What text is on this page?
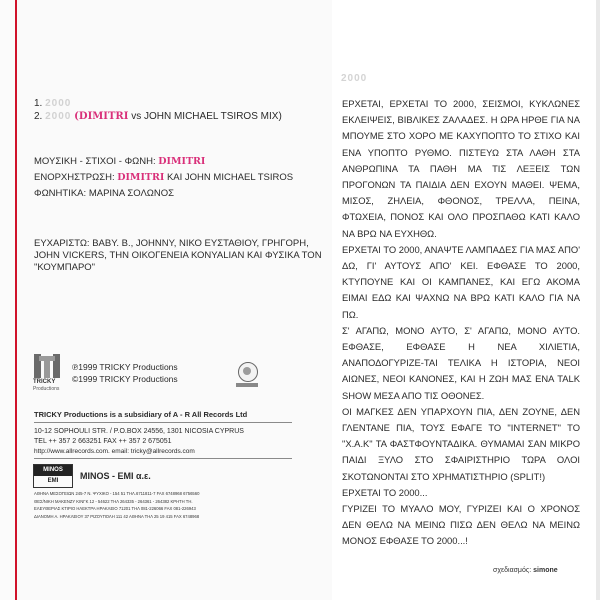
1. 2000
2. 2000 (DIMITRI vs JOHN MICHAEL TSIROS MIX)
ΜΟΥΣΙΚΗ - ΣΤΙΧΟΙ - ΦΩΝΗ: DIMITRI
ΕΝΟΡΧΗΣΤΡΩΣΗ: DIMITRI ΚΑΙ JOHN MICHAEL TSIROS
ΦΩΝΗΤΙΚΑ: ΜΑΡΙΝΑ ΣΟΛΩΝΟΣ
ΕΥΧΑΡΙΣΤΩ: BABY. B., JOHNNY, ΝΙΚΟ ΕΥΣΤΑΘΙΟΥ, ΓΡΗΓΟΡΗ, JOHN VICKERS, ΤΗΝ ΟΙΚΟΓΕΝΕΙΑ ΚΟΝΥΑLIAN ΚΑΙ ΦΥΣΙΚΑ ΤΟΝ "ΚΟΥΜΠΑΡΟ"
TRICKY
Productions
℗1999 TRICKY Productions
©1999 TRICKY Productions
TRICKY Productions is a subsidiary of A - R All Records Ltd
10-12 SOPHOULI STR. / P.O.BOX 24556, 1301 NICOSIA CYPRUS
TEL ++ 357 2 663251 FAX ++ 357 2 675051
http://www.allrecords.com. email: tricky@allrecords.com
MINOS
EMI	MINOS - EMI α.ε.
ΑΘΗΝΑ ΜΕΣΟΓΕΙΩΝ 245-7 Ν. ΨΥΧΙΚΟ - 154 51 ΤΗΛ.6711811-7 FAX 6748968 6756560
ΘΕΣ/ΝΙΚΗ ΜΑΚΕΝΖΥ ΚΙΝΓΚ 12 - 54622 ΤΗΛ 264335 - 264361 - 264382 ΚΡΗΤΗ ΤΗ.
ΕΛΕΥΘΕΡΙΑΣ ΚΤΙΡΙΟ ΗΛΕΚΤΡΑ ΗΡΑΚΛΕΙΟ 71201 ΤΗΛ 081-226066 FAX 081-226943
ΔΙΑΝΟΜΗ Α. ΗΡΑΚΛΕΙΟΥ 37 ΡΙΖΟΥΠΟΛΗ 111 42 ΑΘΗΝΑ ΤΗΛ 25 19 415 FAX 6748968
2000

ΕΡΧΕΤΑΙ, ΕΡΧΕΤΑΙ ΤΟ 2000, ΣΕΙΣΜΟΙ, ΚΥΚΛΩΝΕΣ ΕΚΛΕΙΨΕΙΣ, ΒΙΒΛΙΚΕΣ ΖΑΛΑΔΕΣ. Η ΩΡΑ ΗΡΘΕ ΓΙΑ ΝΑ ΜΠΟΥΜΕ ΣΤΟ ΧΟΡΟ ΜΕ ΚΑΧΥΠΟΠΤΟ ΤΟ ΣΤΙΧΟ ΚΑΙ ΕΝΑ ΥΠΟΠΤΟ ΡΥΘΜΟ. ΠΙΣΤΕΥΩ ΣΤΑ ΛΑΘΗ ΣΤΑ ΑΝΘΡΩΠΙΝΑ ΤΑ ΠΑΘΗ ΜΑ ΤΙΣ ΛΕΞΕΙΣ ΤΩΝ ΠΡΟΓΟΝΩΝ ΤΑ ΠΑΙΔΙΑ ΔΕΝ ΕΧΟΥΝ ΜΑΘΕΙ. ΨΕΜΑ, ΜΙΣΟΣ, ΖΗΛΕΙΑ, ΦΘΟΝΟΣ, ΤΡΕΛΛΑ, ΠΕΙΝΑ, ΦΤΩΧΕΙΑ, ΠΟΝΟΣ ΚΑΙ ΟΛΟ ΠΡΟΣΠΑΘΩ ΚΑΤΙ ΚΑΛΟ ΝΑ ΒΡΩ ΝΑ ΕΥΧΗΘΩ.

ΕΡΧΕΤΑΙ ΤΟ 2000, ΑΝΑΨΤΕ ΛΑΜΠΑΔΕΣ ΓΙΑ ΜΑΣ ΑΠΟ' ΔΩ, ΓΙ' ΑΥΤΟΥΣ ΑΠΟ' ΚΕΙ. ΕΦΘΑΣΕ ΤΟ 2000, ΚΤΥΠΟΥΝΕ ΚΑΙ ΟΙ ΚΑΜΠΑΝΕΣ, ΚΑΙ ΕΓΩ ΑΚΟΜΑ ΕΙΜΑΙ ΕΔΩ ΚΑΙ ΨΑΧΝΩ ΝΑ ΒΡΩ ΚΑΤΙ ΚΑΛΟ ΓΙΑ ΝΑ ΠΩ.

Σ' ΑΓΑΠΩ, ΜΟΝΟ ΑΥΤΟ, Σ' ΑΓΑΠΩ, ΜΟΝΟ ΑΥΤΟ. ΕΦΘΑΣΕ, ΕΦΘΑΣΕ Η ΝΕΑ ΧΙΛΙΕΤΙΑ, ΑΝΑΠΟΔΟΓΥΡΙΖΕ-ΤΑΙ ΤΕΛΙΚΑ Η ΙΣΤΟΡΙΑ, ΝΕΟΙ ΑΙΩΝΕΣ, ΝΕΟΙ ΚΑΝΟΝΕΣ, ΚΑΙ Η ΖΩΗ ΜΑΣ ΕΝΑ TALK SHOW ΜΕΣΑ ΑΠΟ ΤΙΣ ΟΘΟΝΕΣ.

ΟΙ ΜΑΓΚΕΣ ΔΕΝ ΥΠΑΡΧΟΥΝ ΠΙΑ, ΔΕΝ ΖΟΥΝΕ, ΔΕΝ ΓΛΕΝΤΑΝΕ ΠΙΑ, ΤΟΥΣ ΕΦΑΓΕ ΤΟ "INTERNET" ΤΟ "Χ.Α.Κ" ΤΑ ΦΑΣΤΦΟΥΝΤΑΔΙΚΑ. ΘΥΜΑΜΑΙ ΣΑΝ ΜΙΚΡΟ ΠΑΙΔΙ ΞΥΛΟ ΣΤΟ ΣΦΑΙΡΙΣΤΗΡΙΟ ΤΩΡΑ ΟΛΟΙ ΣΚΟΤΩΝΟΝΤΑΙ ΣΤΟ ΧΡΗΜΑΤΙΣΤΗΡΙΟ (SPLIT!)

ΕΡΧΕΤΑΙ ΤΟ 2000...

ΓΥΡΙΖΕΙ ΤΟ ΜΥΑΛΟ ΜΟΥ, ΓΥΡΙΖΕΙ ΚΑΙ Ο ΧΡΟΝΟΣ ΔΕΝ ΘΕΛΩ ΝΑ ΜΕΙΝΩ ΠΙΣΩ ΔΕΝ ΘΕΛΩ ΝΑ ΜΕΙΝΩ ΜΟΝΟΣ ΕΦΘΑΣΕ ΤΟ 2000...!

σχεδιασμός: simone
